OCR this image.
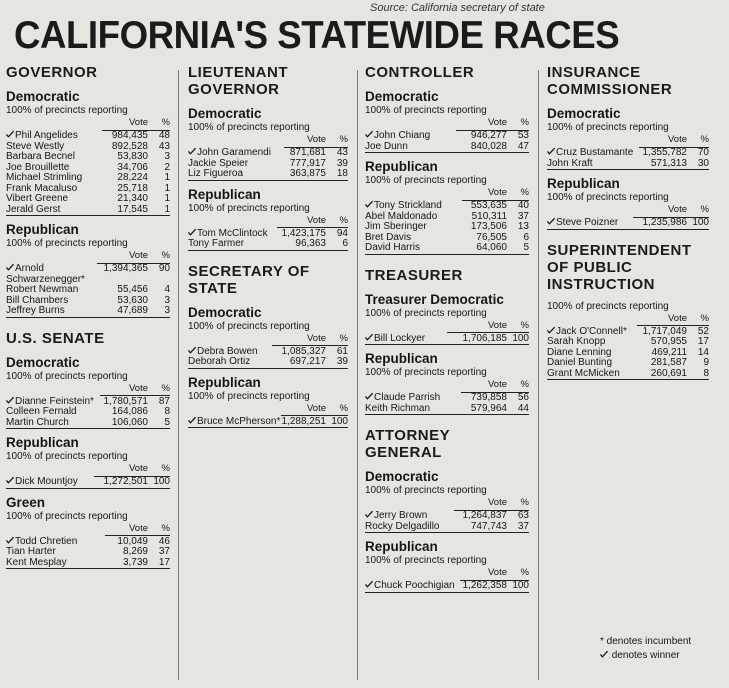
Source: California secretary of state
CALIFORNIA'S STATEWIDE RACES
GOVERNOR
Democratic
100% of precincts reporting
	Vote	%
Phil Angelides	984,435	48
Steve Westly	892,528	43
Barbara Becnel	53,830	3
Joe Brouillette	34,706	2
Michael Strimling	28,224	1
Frank Macaluso	25,718	1
Vibert Greene	21,340	1
Jerald Gerst	17,545	1
Republican
100% of precincts reporting
	Vote	%
Arnold	1,394,365	90
Schwarzenegger*		
Robert Newman	55,456	4
Bill Chambers	53,630	3
Jeffrey Burns	47,689	3
U.S. SENATE
Democratic
100% of precincts reporting
	Vote	%
Dianne Feinstein*	1,780,571	87
Colleen Fernald	164,086	8
Martin Church	106,060	5
Republican
100% of precincts reporting
	Vote	%
Dick Mountjoy	1,272,501	100
Green
100% of precincts reporting
	Vote	%
Todd Chretien	10,049	46
Tian Harter	8,269	37
Kent Mesplay	3,739	17
LIEUTENANT GOVERNOR
Democratic
100% of precincts reporting
	Vote	%
John Garamendi	871,681	43
Jackie Speier	777,917	39
Liz Figueroa	363,875	18
Republican
100% of precincts reporting
	Vote	%
Tom McClintock	1,423,175	94
Tony Farmer	96,363	6
SECRETARY OF STATE
Democratic
100% of precincts reporting
	Vote	%
Debra Bowen	1,085,327	61
Deborah Ortiz	697,217	39
Republican
100% of precincts reporting
	Vote	%
Bruce McPherson*	1,288,251	100
CONTROLLER
Democratic
100% of precincts reporting
	Vote	%
John Chiang	946,277	53
Joe Dunn	840,028	47
Republican
100% of precincts reporting
	Vote	%
Tony Strickland	553,635	40
Abel Maldonado	510,311	37
Jim Sberinger	173,506	13
Bret Davis	76,505	6
David Harris	64,060	5
TREASURER
Treasurer Democratic
100% of precincts reporting
	Vote	%
Bill Lockyer	1,706,185	100
Republican
100% of precincts reporting
	Vote	%
Claude Parrish	739,858	56
Keith Richman	579,964	44
ATTORNEY GENERAL
Democratic
100% of precincts reporting
	Vote	%
Jerry Brown	1,264,837	63
Rocky Delgadillo	747,743	37
Republican
100% of precincts reporting
	Vote	%
Chuck Poochigian	1,262,358	100
INSURANCE COMMISSIONER
Democratic
100% of precincts reporting
	Vote	%
Cruz Bustamante	1,355,782	70
John Kraft	571,313	30
Republican
100% of precincts reporting
	Vote	%
Steve Poizner	1,235,986	100
SUPERINTENDENT OF PUBLIC INSTRUCTION
100% of precincts reporting
	Vote	%
Jack O'Connell*	1,717,049	52
Sarah Knopp	570,955	17
Diane Lenning	469,211	14
Daniel Bunting	281,587	9
Grant McMicken	260,691	8
* denotes incumbent
denotes winner
